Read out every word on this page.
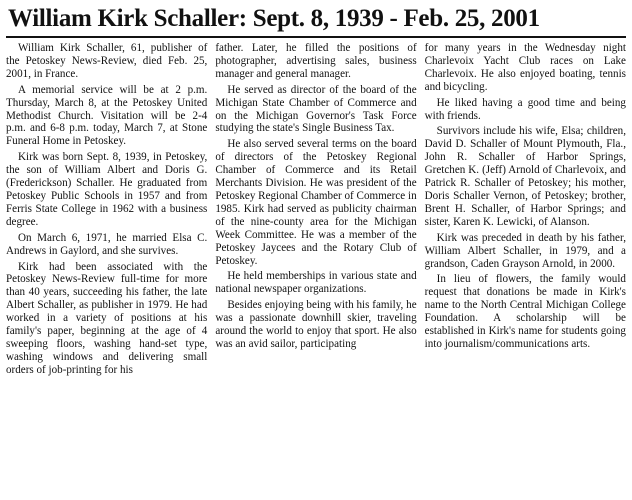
William Kirk Schaller: Sept. 8, 1939 - Feb. 25, 2001

William Kirk Schaller, 61, publisher of the Petoskey News-Review, died Feb. 25, 2001, in France.

A memorial service will be at 2 p.m. Thursday, March 8, at the Petoskey United Methodist Church. Visitation will be 2-4 p.m. and 6-8 p.m. today, March 7, at Stone Funeral Home in Petoskey.

Kirk was born Sept. 8, 1939, in Petoskey, the son of William Albert and Doris G. (Frederickson) Schaller. He graduated from Petoskey Public Schools in 1957 and from Ferris State College in 1962 with a business degree.

On March 6, 1971, he married Elsa C. Andrews in Gaylord, and she survives.

Kirk had been associated with the Petoskey News-Review full-time for more than 40 years, succeeding his father, the late Albert Schaller, as publisher in 1979. He had worked in a variety of positions at his family's paper, beginning at the age of 4 sweeping floors, washing hand-set type, washing windows and delivering small orders of job-printing for his

father. Later, he filled the positions of photographer, advertising sales, business manager and general manager.

He served as director of the board of the Michigan State Chamber of Commerce and on the Michigan Governor's Task Force studying the state's Single Business Tax.

He also served several terms on the board of directors of the Petoskey Regional Chamber of Commerce and its Retail Merchants Division. He was president of the Petoskey Regional Chamber of Commerce in 1985. Kirk had served as publicity chairman of the nine-county area for the Michigan Week Committee. He was a member of the Petoskey Jaycees and the Rotary Club of Petoskey.

He held memberships in various state and national newspaper organizations.

Besides enjoying being with his family, he was a passionate downhill skier, traveling around the world to enjoy that sport. He also was an avid sailor, participating

for many years in the Wednesday night Charlevoix Yacht Club races on Lake Charlevoix. He also enjoyed boating, tennis and bicycling.

He liked having a good time and being with friends.

Survivors include his wife, Elsa; children, David D. Schaller of Mount Plymouth, Fla., John R. Schaller of Harbor Springs, Gretchen K. (Jeff) Arnold of Charlevoix, and Patrick R. Schaller of Petoskey; his mother, Doris Schaller Vernon, of Petoskey; brother, Brent H. Schaller, of Harbor Springs; and sister, Karen K. Lewicki, of Alanson.

Kirk was preceded in death by his father, William Albert Schaller, in 1979, and a grandson, Caden Grayson Arnold, in 2000.

In lieu of flowers, the family would request that donations be made in Kirk's name to the North Central Michigan College Foundation. A scholarship will be established in Kirk's name for students going into journalism/communications arts.
